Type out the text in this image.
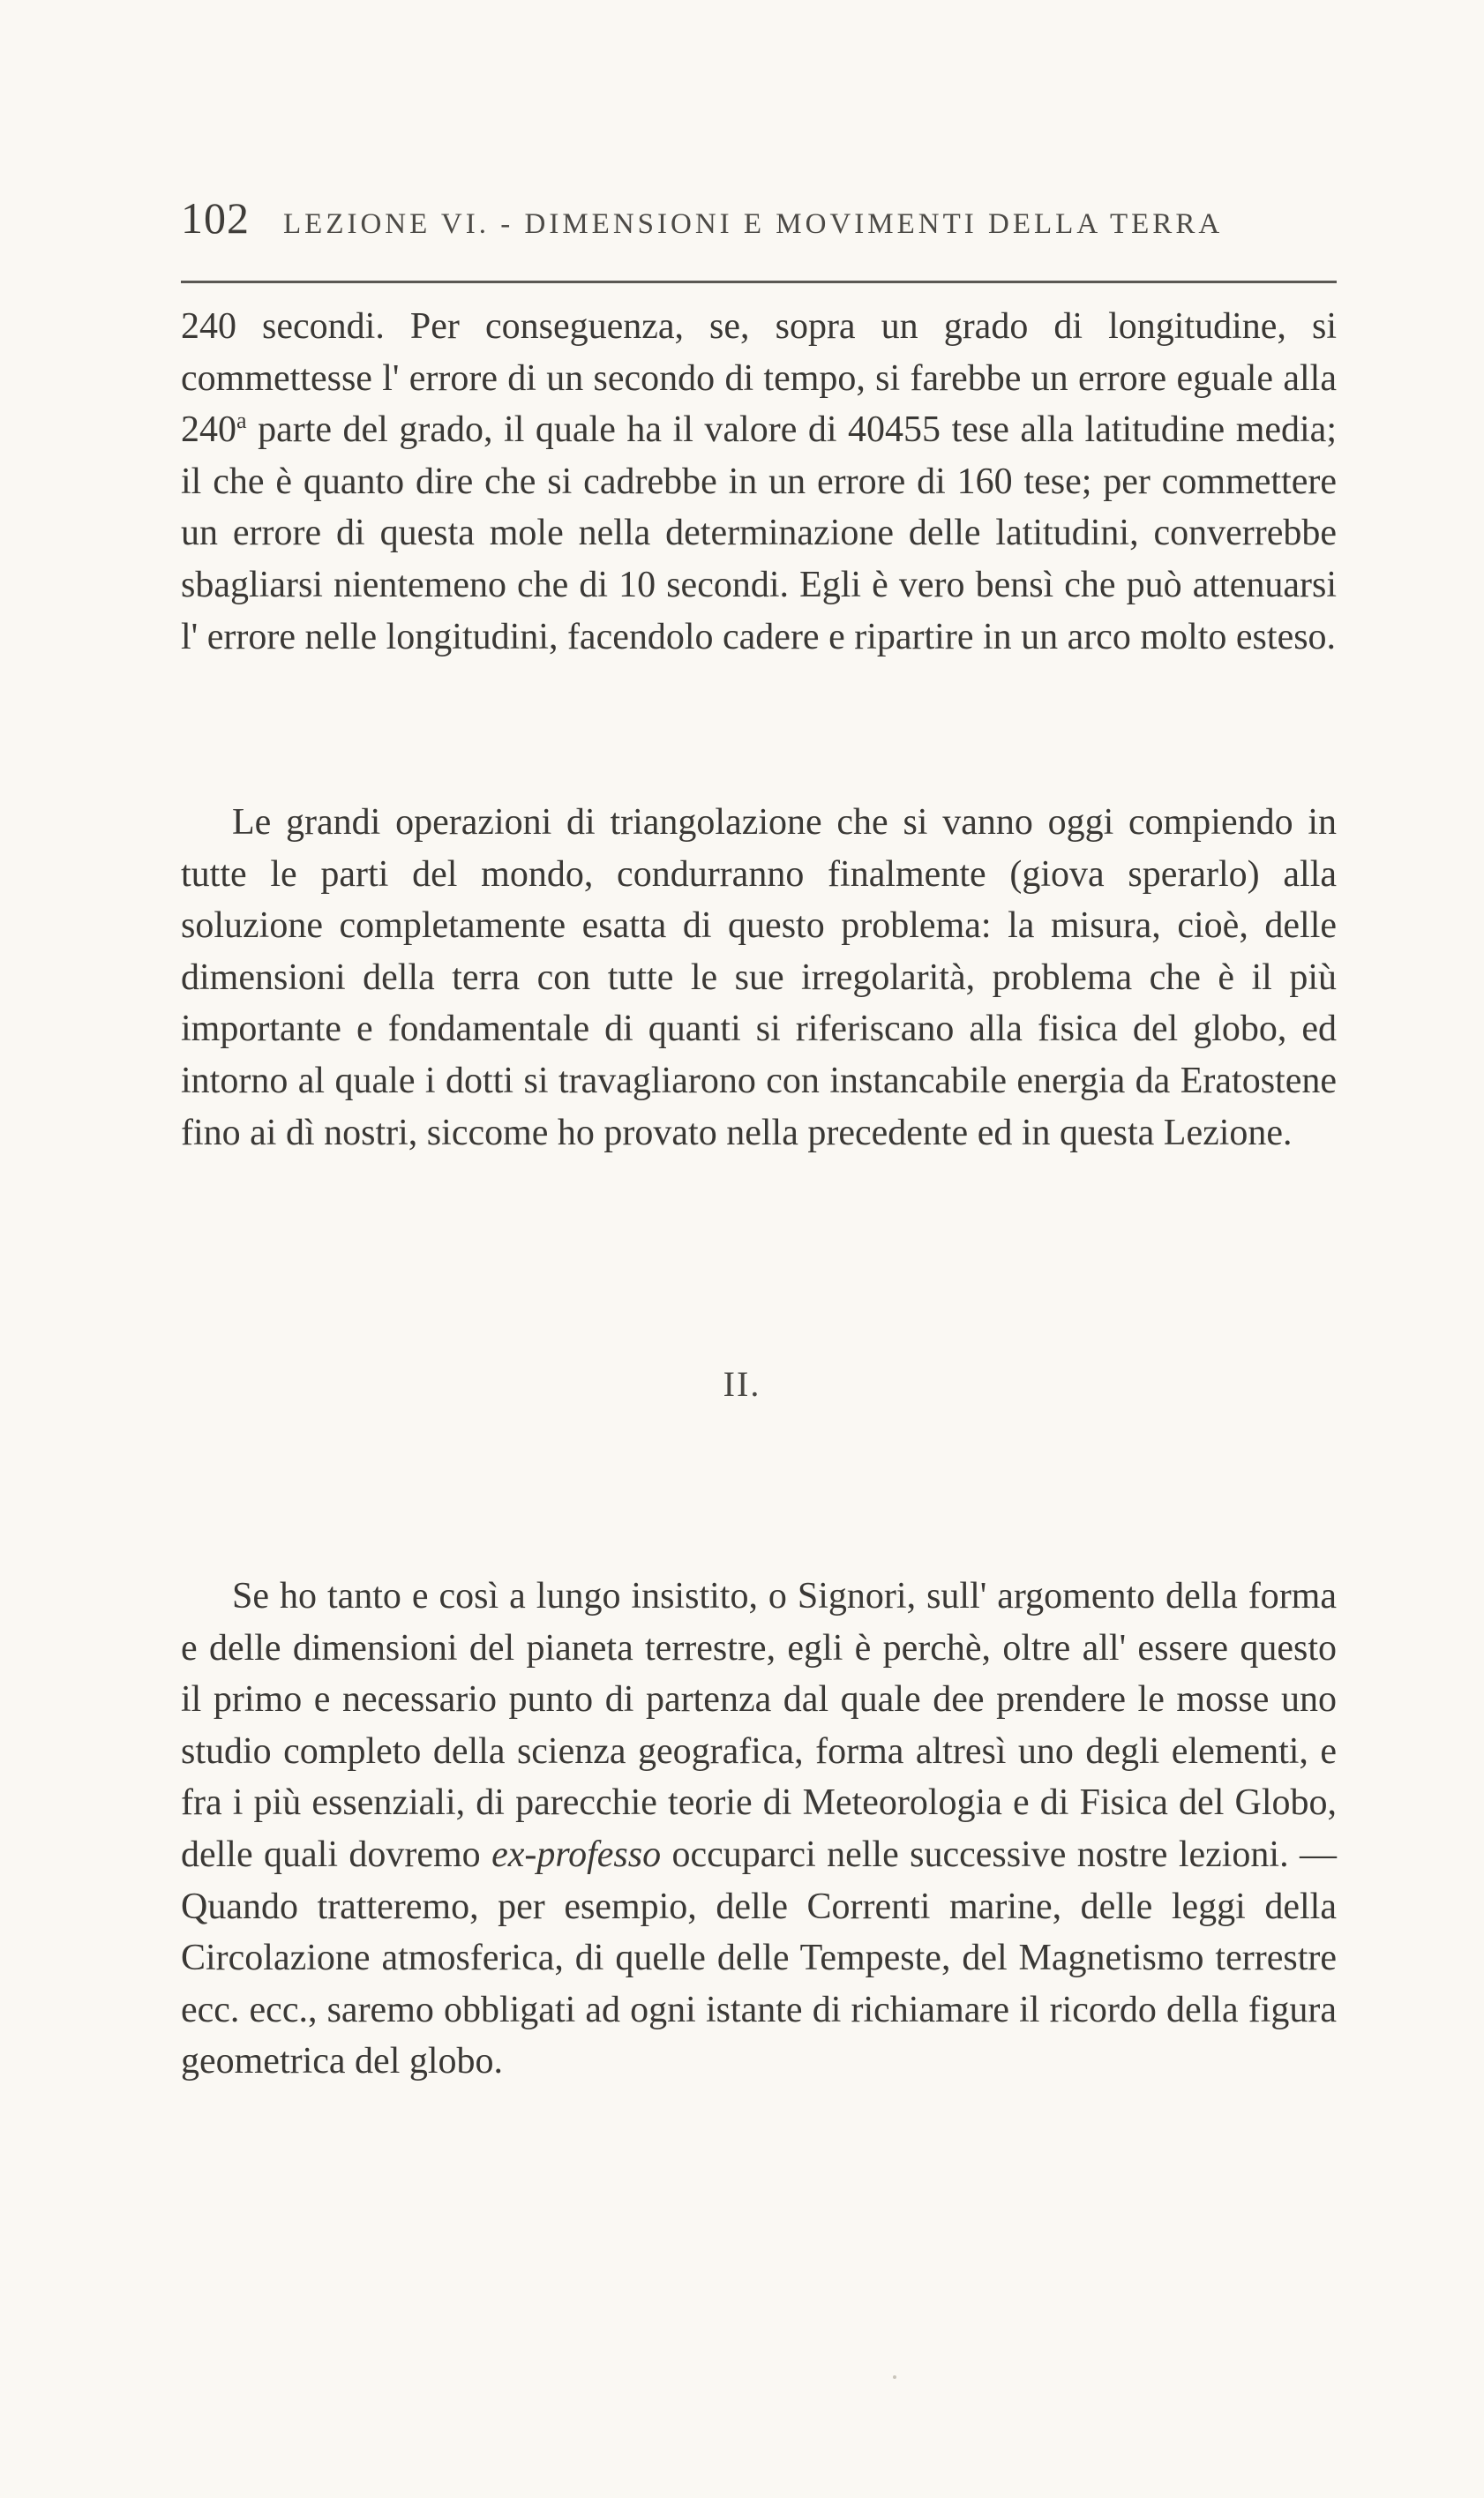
102 LEZIONE VI. - DIMENSIONI E MOVIMENTI DELLA TERRA

240 secondi. Per conseguenza, se, sopra un grado di longitudine, si commettesse l' errore di un secondo di tempo, si farebbe un errore eguale alla 240$^a$ parte del grado, il quale ha il valore di 40455 tese alla latitudine media; il che è quanto dire che si cadrebbe in un errore di 160 tese; per commettere un errore di questa mole nella determinazione delle latitudini, converrebbe sbagliarsi nientemeno che di 10 secondi. Egli è vero bensì che può attenuarsi l' errore nelle longitudini, facendolo cadere e ripartire in un arco molto esteso.

Le grandi operazioni di triangolazione che si vanno oggi compiendo in tutte le parti del mondo, condurranno finalmente (giova sperarlo) alla soluzione completamente esatta di questo problema: la misura, cioè, delle dimensioni della terra con tutte le sue irregolarità, problema che è il più importante e fondamentale di quanti si riferiscano alla fisica del globo, ed intorno al quale i dotti si travagliarono con instancabile energia da Eratostene fino ai dì nostri, siccome ho provato nella precedente ed in questa Lezione.

II.

Se ho tanto e così a lungo insistito, o Signori, sull' argomento della forma e delle dimensioni del pianeta terrestre, egli è perchè, oltre all' essere questo il primo e necessario punto di partenza dal quale dee prendere le mosse uno studio completo della scienza geografica, forma altresì uno degli elementi, e fra i più essenziali, di parecchie teorie di Meteorologia e di Fisica del Globo, delle quali dovremo ex-professo occuparci nelle successive nostre lezioni. — Quando tratteremo, per esempio, delle Correnti marine, delle leggi della Circolazione atmosferica, di quelle delle Tempeste, del Magnetismo terrestre ecc. ecc., saremo obbligati ad ogni istante di richiamare il ricordo della figura geometrica del globo.
